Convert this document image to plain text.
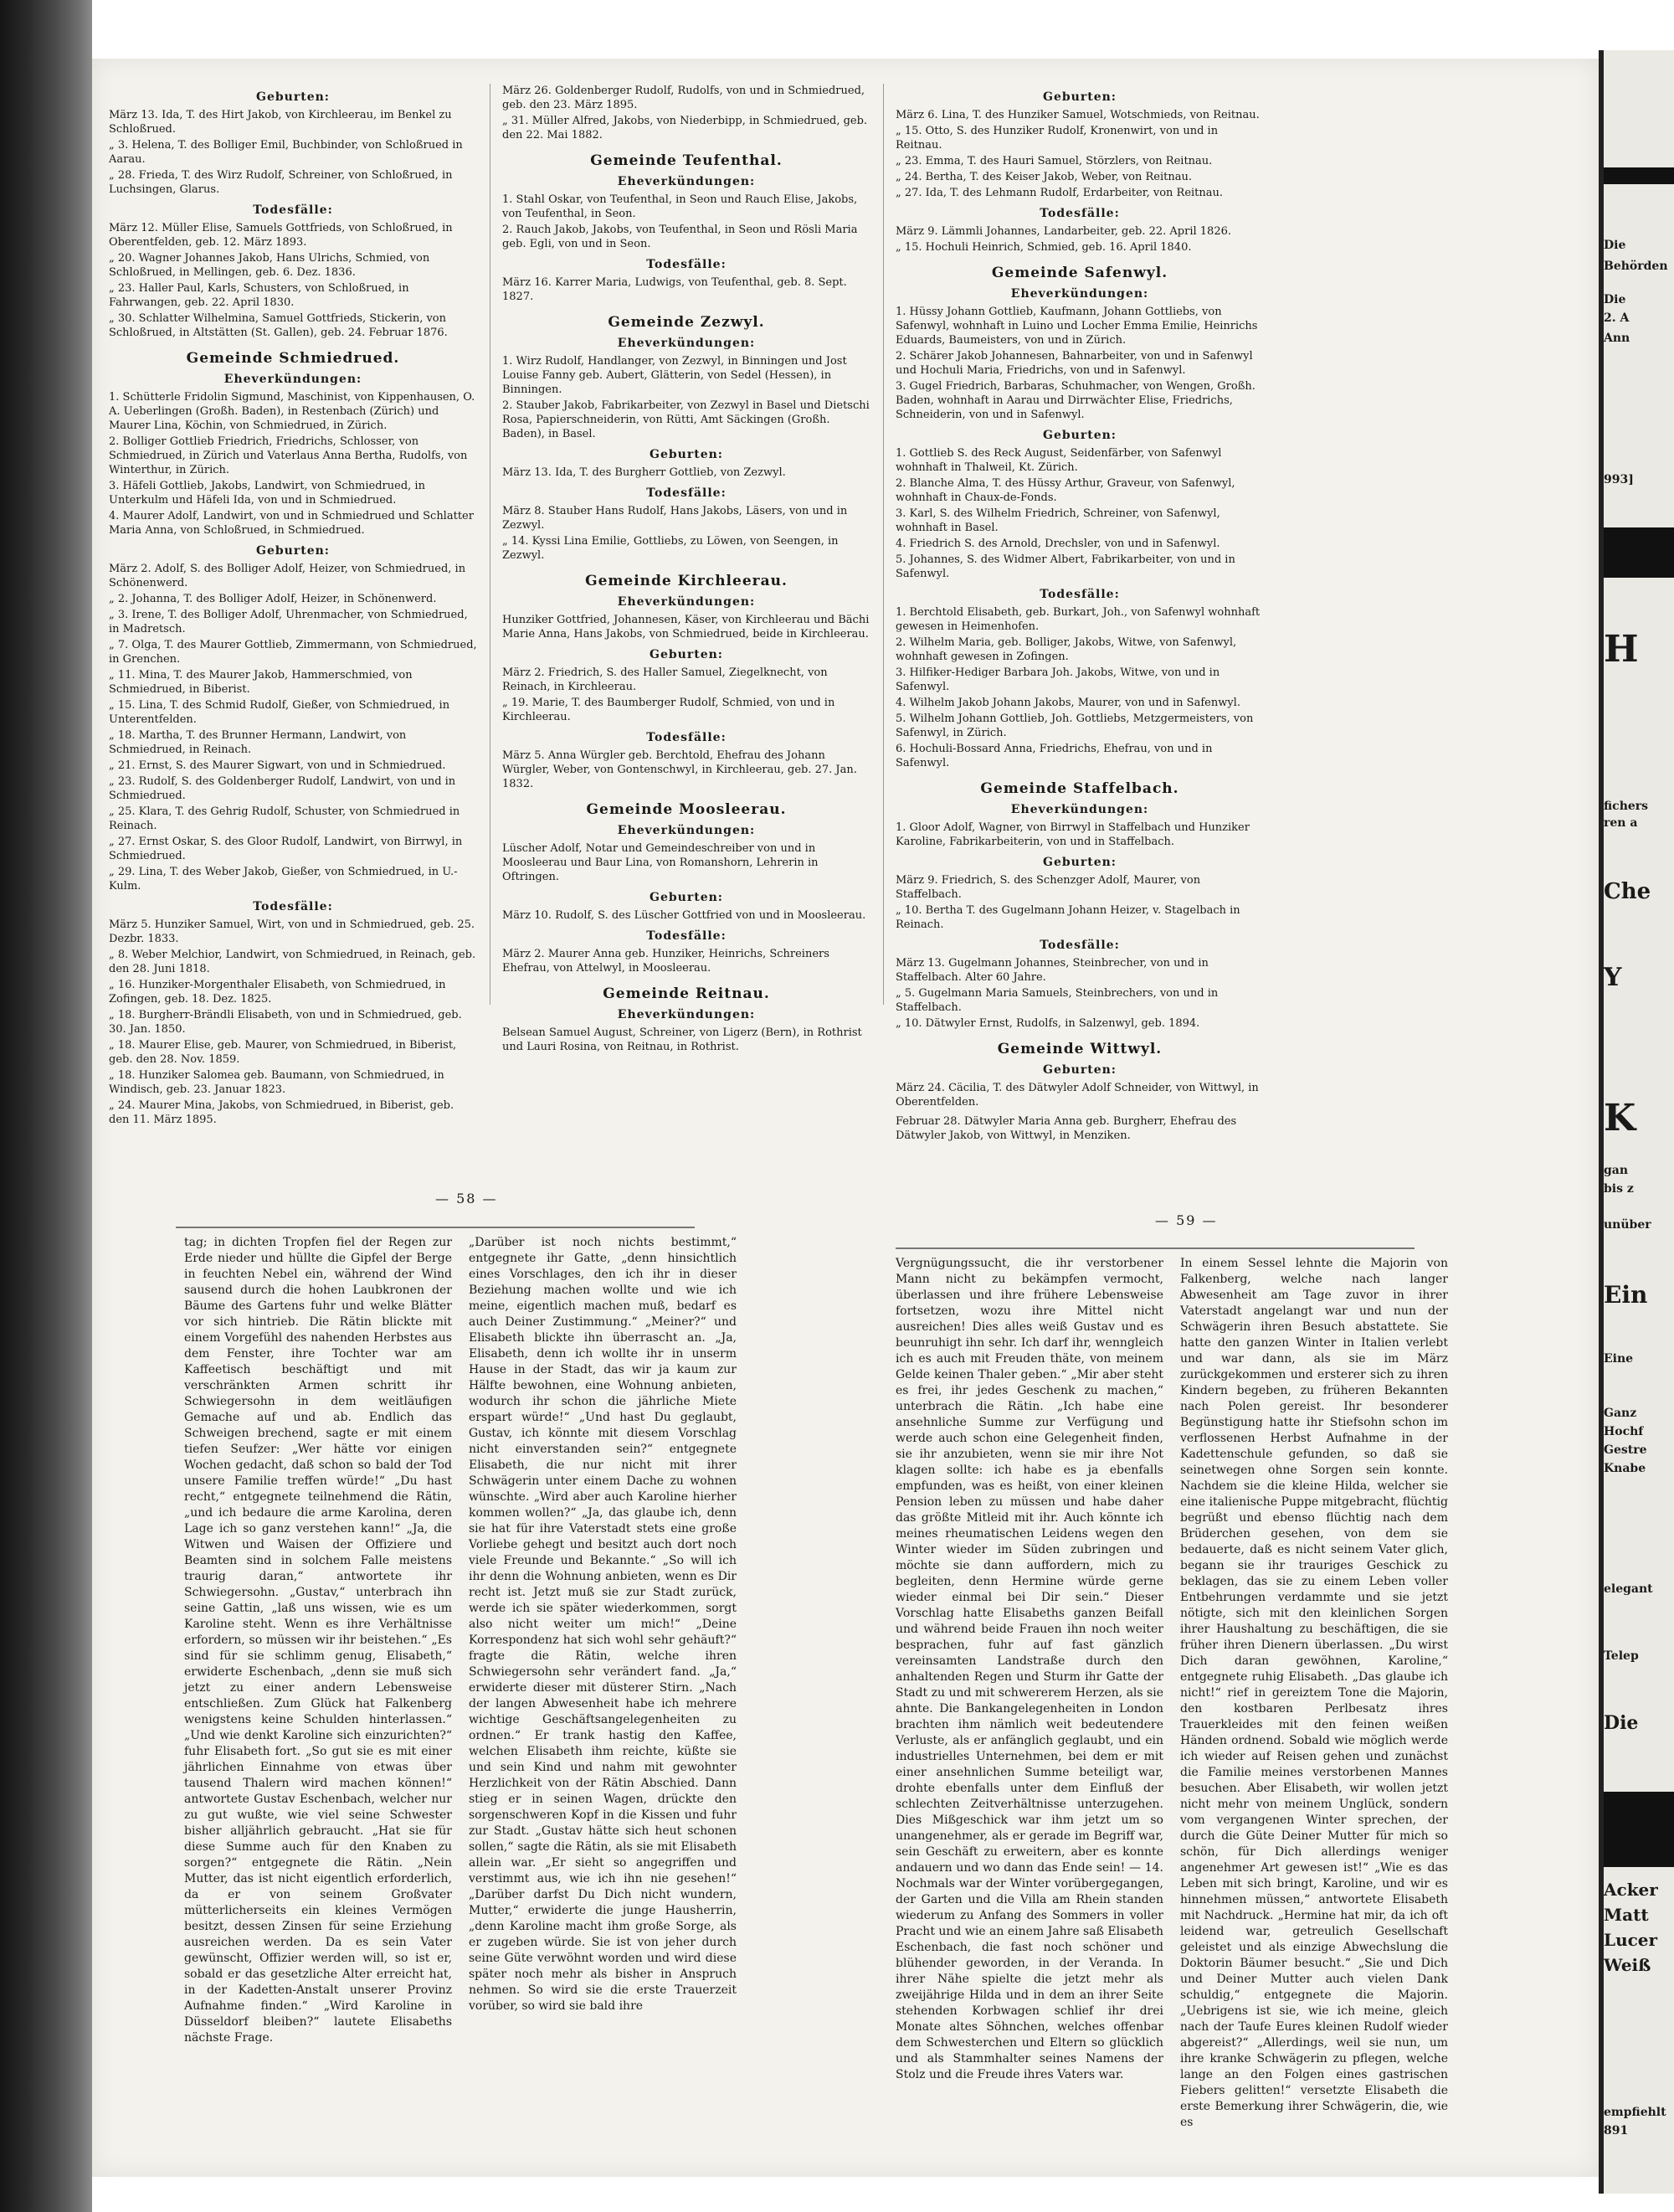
Geburten:
März 13. Ida, T. des Hirt Jakob, von Kirchleerau, im Benkel zu Schloßrued.
„ 3. Helena, T. des Bolliger Emil, Buchbinder, von Schloßrued in Aarau.
„ 28. Frieda, T. des Wirz Rudolf, Schreiner, von Schloßrued, in Luchsingen, Glarus.
Todesfälle:
März 12. Müller Elise, Samuels Gottfrieds, von Schloßrued, in Oberentfelden, geb. 12. März 1893.
„ 20. Wagner Johannes Jakob, Hans Ulrichs, Schmied, von Schloßrued, in Mellingen, geb. 6. Dez. 1836.
„ 23. Haller Paul, Karls, Schusters, von Schloßrued, in Fahrwangen, geb. 22. April 1830.
„ 30. Schlatter Wilhelmina, Samuel Gottfrieds, Stickerin, von Schloßrued, in Altstätten (St. Gallen), geb. 24. Februar 1876.
Gemeinde Schmiedrued.
Eheverkündungen:
1. Schütterle Fridolin Sigmund, Maschinist, von Kippenhausen, O. A. Ueberlingen (Großh. Baden), in Restenbach (Zürich) und Maurer Lina, Köchin, von Schmiedrued, in Zürich.
2. Bolliger Gottlieb Friedrich, Friedrichs, Schlosser, von Schmiedrued, in Zürich und Vaterlaus Anna Bertha, Rudolfs, von Winterthur, in Zürich.
3. Häfeli Gottlieb, Jakobs, Landwirt, von Schmiedrued, in Unterkulm und Häfeli Ida, von und in Schmiedrued.
4. Maurer Adolf, Landwirt, von und in Schmiedrued und Schlatter Maria Anna, von Schloßrued, in Schmiedrued.
Geburten:
März 2. Adolf, S. des Bolliger Adolf, Heizer, von Schmiedrued, in Schönenwerd.
„ 2. Johanna, T. des Bolliger Adolf, Heizer, in Schönenwerd.
„ 3. Irene, T. des Bolliger Adolf, Uhrenmacher, von Schmiedrued, in Madretsch.
„ 7. Olga, T. des Maurer Gottlieb, Zimmermann, von Schmiedrued, in Grenchen.
„ 11. Mina, T. des Maurer Jakob, Hammerschmied, von Schmiedrued, in Biberist.
„ 15. Lina, T. des Schmid Rudolf, Gießer, von Schmiedrued, in Unterentfelden.
„ 18. Martha, T. des Brunner Hermann, Landwirt, von Schmiedrued, in Reinach.
„ 21. Ernst, S. des Maurer Sigwart, von und in Schmiedrued.
„ 23. Rudolf, S. des Goldenberger Rudolf, Landwirt, von und in Schmiedrued.
„ 25. Klara, T. des Gehrig Rudolf, Schuster, von Schmiedrued in Reinach.
„ 27. Ernst Oskar, S. des Gloor Rudolf, Landwirt, von Birrwyl, in Schmiedrued.
„ 29. Lina, T. des Weber Jakob, Gießer, von Schmiedrued, in U.-Kulm.
Todesfälle:
März 5. Hunziker Samuel, Wirt, von und in Schmiedrued, geb. 25. Dezbr. 1833.
„ 8. Weber Melchior, Landwirt, von Schmiedrued, in Reinach, geb. den 28. Juni 1818.
„ 16. Hunziker-Morgenthaler Elisabeth, von Schmiedrued, in Zofingen, geb. 18. Dez. 1825.
„ 18. Burgherr-Brändli Elisabeth, von und in Schmiedrued, geb. 30. Jan. 1850.
„ 18. Maurer Elise, geb. Maurer, von Schmiedrued, in Biberist, geb. den 28. Nov. 1859.
„ 18. Hunziker Salomea geb. Baumann, von Schmiedrued, in Windisch, geb. 23. Januar 1823.
„ 24. Maurer Mina, Jakobs, von Schmiedrued, in Biberist, geb. den 11. März 1895.
März 26. Goldenberger Rudolf, Rudolfs, von und in Schmiedrued, geb. den 23. März 1895.
„ 31. Müller Alfred, Jakobs, von Niederbipp, in Schmiedrued, geb. den 22. Mai 1882.
Gemeinde Teufenthal.
Eheverkündungen:
1. Stahl Oskar, von Teufenthal, in Seon und Rauch Elise, Jakobs, von Teufenthal, in Seon.
2. Rauch Jakob, Jakobs, von Teufenthal, in Seon und Rösli Maria geb. Egli, von und in Seon.
Todesfälle:
März 16. Karrer Maria, Ludwigs, von Teufenthal, geb. 8. Sept. 1827.
Gemeinde Zezwyl.
Eheverkündungen:
1. Wirz Rudolf, Handlanger, von Zezwyl, in Binningen und Jost Louise Fanny geb. Aubert, Glätterin, von Sedel (Hessen), in Binningen.
2. Stauber Jakob, Fabrikarbeiter, von Zezwyl in Basel und Dietschi Rosa, Papierschneiderin, von Rütti, Amt Säckingen (Großh. Baden), in Basel.
Geburten:
März 13. Ida, T. des Burgherr Gottlieb, von Zezwyl.
Todesfälle:
März 8. Stauber Hans Rudolf, Hans Jakobs, Läsers, von und in Zezwyl.
„ 14. Kyssi Lina Emilie, Gottliebs, zu Löwen, von Seengen, in Zezwyl.
Gemeinde Kirchleerau.
Eheverkündungen:
Hunziker Gottfried, Johannesen, Käser, von Kirchleerau und Bächi Marie Anna, Hans Jakobs, von Schmiedrued, beide in Kirchleerau.
Geburten:
März 2. Friedrich, S. des Haller Samuel, Ziegelknecht, von Reinach, in Kirchleerau.
„ 19. Marie, T. des Baumberger Rudolf, Schmied, von und in Kirchleerau.
Todesfälle:
März 5. Anna Würgler geb. Berchtold, Ehefrau des Johann Würgler, Weber, von Gontenschwyl, in Kirchleerau, geb. 27. Jan. 1832.
Gemeinde Moosleerau.
Eheverkündungen:
Lüscher Adolf, Notar und Gemeindeschreiber von und in Moosleerau und Baur Lina, von Romanshorn, Lehrerin in Oftringen.
Geburten:
März 10. Rudolf, S. des Lüscher Gottfried von und in Moosleerau.
Todesfälle:
März 2. Maurer Anna geb. Hunziker, Heinrichs, Schreiners Ehefrau, von Attelwyl, in Moosleerau.
Gemeinde Reitnau.
Eheverkündungen:
Belsean Samuel August, Schreiner, von Ligerz (Bern), in Rothrist und Lauri Rosina, von Reitnau, in Rothrist.
Geburten:
März 6. Lina, T. des Hunziker Samuel, Wotschmieds, von Reitnau.
„ 15. Otto, S. des Hunziker Rudolf, Kronenwirt, von und in Reitnau.
„ 23. Emma, T. des Hauri Samuel, Störzlers, von Reitnau.
„ 24. Bertha, T. des Keiser Jakob, Weber, von Reitnau.
„ 27. Ida, T. des Lehmann Rudolf, Erdarbeiter, von Reitnau.
Todesfälle:
März 9. Lämmli Johannes, Landarbeiter, geb. 22. April 1826.
„ 15. Hochuli Heinrich, Schmied, geb. 16. April 1840.
Gemeinde Safenwyl.
Eheverkündungen:
1. Hüssy Johann Gottlieb, Kaufmann, Johann Gottliebs, von Safenwyl, wohnhaft in Luino und Locher Emma Emilie, Heinrichs Eduards, Baumeisters, von und in Zürich.
2. Schärer Jakob Johannesen, Bahnarbeiter, von und in Safenwyl und Hochuli Maria, Friedrichs, von und in Safenwyl.
3. Gugel Friedrich, Barbaras, Schuhmacher, von Wengen, Großh. Baden, wohnhaft in Aarau und Dirrwächter Elise, Friedrichs, Schneiderin, von und in Safenwyl.
Geburten:
1. Gottlieb S. des Reck August, Seidenfärber, von Safenwyl wohnhaft in Thalweil, Kt. Zürich.
2. Blanche Alma, T. des Hüssy Arthur, Graveur, von Safenwyl, wohnhaft in Chaux-de-Fonds.
3. Karl, S. des Wilhelm Friedrich, Schreiner, von Safenwyl, wohnhaft in Basel.
4. Friedrich S. des Arnold, Drechsler, von und in Safenwyl.
5. Johannes, S. des Widmer Albert, Fabrikarbeiter, von und in Safenwyl.
Todesfälle:
1. Berchtold Elisabeth, geb. Burkart, Joh., von Safenwyl wohnhaft gewesen in Heimenhofen.
2. Wilhelm Maria, geb. Bolliger, Jakobs, Witwe, von Safenwyl, wohnhaft gewesen in Zofingen.
3. Hilfiker-Hediger Barbara Joh. Jakobs, Witwe, von und in Safenwyl.
4. Wilhelm Jakob Johann Jakobs, Maurer, von und in Safenwyl.
5. Wilhelm Johann Gottlieb, Joh. Gottliebs, Metzgermeisters, von Safenwyl, in Zürich.
6. Hochuli-Bossard Anna, Friedrichs, Ehefrau, von und in Safenwyl.
Gemeinde Staffelbach.
Eheverkündungen:
1. Gloor Adolf, Wagner, von Birrwyl in Staffelbach und Hunziker Karoline, Fabrikarbeiterin, von und in Staffelbach.
Geburten:
März 9. Friedrich, S. des Schenzger Adolf, Maurer, von Staffelbach.
„ 10. Bertha T. des Gugelmann Johann Heizer, v. Stagelbach in Reinach.
Todesfälle:
März 13. Gugelmann Johannes, Steinbrecher, von und in Staffelbach. Alter 60 Jahre.
„ 5. Gugelmann Maria Samuels, Steinbrechers, von und in Staffelbach.
„ 10. Dätwyler Ernst, Rudolfs, in Salzenwyl, geb. 1894.
Gemeinde Wittwyl.
Geburten:
März 24. Cäcilia, T. des Dätwyler Adolf Schneider, von Wittwyl, in Oberentfelden.
Februar 28. Dätwyler Maria Anna geb. Burgherr, Ehefrau des Dätwyler Jakob, von Wittwyl, in Menziken.
— 58 —
— 59 —
tag; in dichten Tropfen fiel der Regen zur Erde nieder und hüllte die Gipfel der Berge in feuchten Nebel ein, während der Wind sausend durch die hohen Laubkronen der Bäume des Gartens fuhr und welke Blätter vor sich hintrieb. Die Rätin blickte mit einem Vorgefühl des nahenden Herbstes aus dem Fenster, ihre Tochter war am Kaffeetisch beschäftigt und mit verschränkten Armen schritt ihr Schwiegersohn in dem weitläufigen Gemache auf und ab. Endlich das Schweigen brechend, sagte er mit einem tiefen Seufzer: „Wer hätte vor einigen Wochen gedacht, daß schon so bald der Tod unsere Familie treffen würde!“ „Du hast recht,“ entgegnete teilnehmend die Rätin, „und ich bedaure die arme Karolina, deren Lage ich so ganz verstehen kann!“ „Ja, die Witwen und Waisen der Offiziere und Beamten sind in solchem Falle meistens traurig daran,“ antwortete ihr Schwiegersohn. „Gustav,“ unterbrach ihn seine Gattin, „laß uns wissen, wie es um Karoline steht. Wenn es ihre Verhältnisse erfordern, so müssen wir ihr beistehen.“ „Es sind für sie schlimm genug, Elisabeth,“ erwiderte Eschenbach, „denn sie muß sich jetzt zu einer andern Lebensweise entschließen. Zum Glück hat Falkenberg wenigstens keine Schulden hinterlassen.“ „Und wie denkt Karoline sich einzurichten?“ fuhr Elisabeth fort. „So gut sie es mit einer jährlichen Einnahme von etwas über tausend Thalern wird machen können!“ antwortete Gustav Eschenbach, welcher nur zu gut wußte, wie viel seine Schwester bisher alljährlich gebraucht. „Hat sie für diese Summe auch für den Knaben zu sorgen?“ entgegnete die Rätin. „Nein Mutter, das ist nicht eigentlich erforderlich, da er von seinem Großvater mütterlicherseits ein kleines Vermögen besitzt, dessen Zinsen für seine Erziehung ausreichen werden. Da es sein Vater gewünscht, Offizier werden will, so ist er, sobald er das gesetzliche Alter erreicht hat, in der Kadetten-Anstalt unserer Provinz Aufnahme finden.“ „Wird Karoline in Düsseldorf bleiben?“ lautete Elisabeths nächste Frage.
„Darüber ist noch nichts bestimmt,“ entgegnete ihr Gatte, „denn hinsichtlich eines Vorschlages, den ich ihr in dieser Beziehung machen wollte und wie ich meine, eigentlich machen muß, bedarf es auch Deiner Zustimmung.“ „Meiner?“ und Elisabeth blickte ihn überrascht an. „Ja, Elisabeth, denn ich wollte ihr in unserm Hause in der Stadt, das wir ja kaum zur Hälfte bewohnen, eine Wohnung anbieten, wodurch ihr schon die jährliche Miete erspart würde!“ „Und hast Du geglaubt, Gustav, ich könnte mit diesem Vorschlag nicht einverstanden sein?“ entgegnete Elisabeth, die nur nicht mit ihrer Schwägerin unter einem Dache zu wohnen wünschte. „Wird aber auch Karoline hierher kommen wollen?“ „Ja, das glaube ich, denn sie hat für ihre Vaterstadt stets eine große Vorliebe gehegt und besitzt auch dort noch viele Freunde und Bekannte.“ „So will ich ihr denn die Wohnung anbieten, wenn es Dir recht ist. Jetzt muß sie zur Stadt zurück, werde ich sie später wiederkommen, sorgt also nicht weiter um mich!“ „Deine Korrespondenz hat sich wohl sehr gehäuft?“ fragte die Rätin, welche ihren Schwiegersohn sehr verändert fand. „Ja,“ erwiderte dieser mit düsterer Stirn. „Nach der langen Abwesenheit habe ich mehrere wichtige Geschäftsangelegenheiten zu ordnen.“ Er trank hastig den Kaffee, welchen Elisabeth ihm reichte, küßte sie und sein Kind und nahm mit gewohnter Herzlichkeit von der Rätin Abschied. Dann stieg er in seinen Wagen, drückte den sorgenschweren Kopf in die Kissen und fuhr zur Stadt. „Gustav hätte sich heut schonen sollen,“ sagte die Rätin, als sie mit Elisabeth allein war. „Er sieht so angegriffen und verstimmt aus, wie ich ihn nie gesehen!“ „Darüber darfst Du Dich nicht wundern, Mutter,“ erwiderte die junge Hausherrin, „denn Karoline macht ihm große Sorge, als er zugeben würde. Sie ist von jeher durch seine Güte verwöhnt worden und wird diese später noch mehr als bisher in Anspruch nehmen. So wird sie die erste Trauerzeit vorüber, so wird sie bald ihre
Vergnügungssucht, die ihr verstorbener Mann nicht zu bekämpfen vermocht, überlassen und ihre frühere Lebensweise fortsetzen, wozu ihre Mittel nicht ausreichen! Dies alles weiß Gustav und es beunruhigt ihn sehr. Ich darf ihr, wenngleich ich es auch mit Freuden thäte, von meinem Gelde keinen Thaler geben.“ „Mir aber steht es frei, ihr jedes Geschenk zu machen,“ unterbrach die Rätin. „Ich habe eine ansehnliche Summe zur Verfügung und werde auch schon eine Gelegenheit finden, sie ihr anzubieten, wenn sie mir ihre Not klagen sollte: ich habe es ja ebenfalls empfunden, was es heißt, von einer kleinen Pension leben zu müssen und habe daher das größte Mitleid mit ihr. Auch könnte ich meines rheumatischen Leidens wegen den Winter wieder im Süden zubringen und möchte sie dann auffordern, mich zu begleiten, denn Hermine würde gerne wieder einmal bei Dir sein.“ Dieser Vorschlag hatte Elisabeths ganzen Beifall und während beide Frauen ihn noch weiter besprachen, fuhr auf fast gänzlich vereinsamten Landstraße durch den anhaltenden Regen und Sturm ihr Gatte der Stadt zu und mit schwererem Herzen, als sie ahnte. Die Bankangelegenheiten in London brachten ihm nämlich weit bedeutendere Verluste, als er anfänglich geglaubt, und ein industrielles Unternehmen, bei dem er mit einer ansehnlichen Summe beteiligt war, drohte ebenfalls unter dem Einfluß der schlechten Zeitverhältnisse unterzugehen. Dies Mißgeschick war ihm jetzt um so unangenehmer, als er gerade im Begriff war, sein Geschäft zu erweitern, aber es konnte andauern und wo dann das Ende sein! — 14. Nochmals war der Winter vorübergegangen, der Garten und die Villa am Rhein standen wiederum zu Anfang des Sommers in voller Pracht und wie an einem Jahre saß Elisabeth Eschenbach, die fast noch schöner und blühender geworden, in der Veranda. In ihrer Nähe spielte die jetzt mehr als zweijährige Hilda und in dem an ihrer Seite stehenden Korbwagen schlief ihr drei Monate altes Söhnchen, welches offenbar dem Schwesterchen und Eltern so glücklich und als Stammhalter seines Namens der Stolz und die Freude ihres Vaters war.
In einem Sessel lehnte die Majorin von Falkenberg, welche nach langer Abwesenheit am Tage zuvor in ihrer Vaterstadt angelangt war und nun der Schwägerin ihren Besuch abstattete. Sie hatte den ganzen Winter in Italien verlebt und war dann, als sie im März zurückgekommen und ersterer sich zu ihren Kindern begeben, zu früheren Bekannten nach Polen gereist. Ihr besonderer Begünstigung hatte ihr Stiefsohn schon im verflossenen Herbst Aufnahme in der Kadettenschule gefunden, so daß sie seinetwegen ohne Sorgen sein konnte. Nachdem sie die kleine Hilda, welcher sie eine italienische Puppe mitgebracht, flüchtig begrüßt und ebenso flüchtig nach dem Brüderchen gesehen, von dem sie bedauerte, daß es nicht seinem Vater glich, begann sie ihr trauriges Geschick zu beklagen, das sie zu einem Leben voller Entbehrungen verdammte und sie jetzt nötigte, sich mit den kleinlichen Sorgen ihrer Haushaltung zu beschäftigen, die sie früher ihren Dienern überlassen. „Du wirst Dich daran gewöhnen, Karoline,“ entgegnete ruhig Elisabeth. „Das glaube ich nicht!“ rief in gereiztem Tone die Majorin, den kostbaren Perlbesatz ihres Trauerkleides mit den feinen weißen Händen ordnend. Sobald wie möglich werde ich wieder auf Reisen gehen und zunächst die Familie meines verstorbenen Mannes besuchen. Aber Elisabeth, wir wollen jetzt nicht mehr von meinem Unglück, sondern vom vergangenen Winter sprechen, der durch die Güte Deiner Mutter für mich so schön, für Dich allerdings weniger angenehmer Art gewesen ist!“ „Wie es das Leben mit sich bringt, Karoline, und wir es hinnehmen müssen,“ antwortete Elisabeth mit Nachdruck. „Hermine hat mir, da ich oft leidend war, getreulich Gesellschaft geleistet und als einzige Abwechslung die Doktorin Bäumer besucht.“ „Sie und Dich und Deiner Mutter auch vielen Dank schuldig,“ entgegnete die Majorin. „Uebrigens ist sie, wie ich meine, gleich nach der Taufe Eures kleinen Rudolf wieder abgereist?“ „Allerdings, weil sie nun, um ihre kranke Schwägerin zu pflegen, welche lange an den Folgen eines gastrischen Fiebers gelitten!“ versetzte Elisabeth die erste Bemerkung ihrer Schwägerin, die, wie es
Die
Behörden
Die
2. A
Ann
993]
H
fichers
ren a
Che
Y
K
gan
bis z
unüber
Ein
Eine
Ganz
Hochf
Gestre
Knabe
elegant
Telep
Die
Acker
Matt
Lucer
Weiß
empfiehlt
891
